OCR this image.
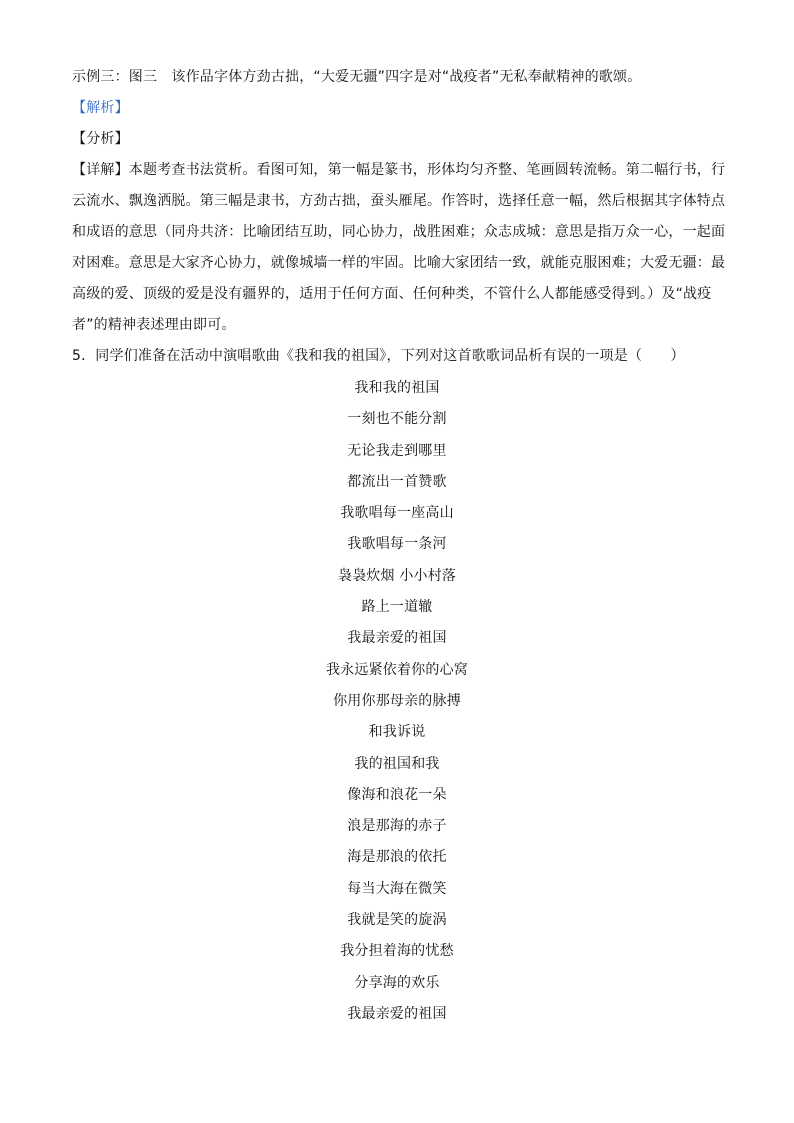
示例三：图三　该作品字体方劲古拙，“大爱无疆”四字是对“战疫者”无私奉献精神的歌颂。
【解析】
【分析】
【详解】本题考查书法赏析。看图可知，第一幅是篆书，形体均匀齐整、笔画圆转流畅。第二幅行书，行
云流水、飘逸洒脱。第三幅是隶书，方劲古拙，蚕头雁尾。作答时，选择任意一幅，然后根据其字体特点
和成语的意思（同舟共济：比喻团结互助，同心协力，战胜困难；众志成城：意思是指万众一心，一起面
对困难。意思是大家齐心协力，就像城墙一样的牢固。比喻大家团结一致，就能克服困难；大爱无疆：最
高级的爱、顶级的爱是没有疆界的，适用于任何方面、任何种类，不管什么人都能感受得到。）及“战疫
者”的精神表述理由即可。
5．同学们准备在活动中演唱歌曲《我和我的祖国》，下列对这首歌歌词品析有误的一项是（　　）
我和我的祖国
一刻也不能分割
无论我走到哪里
都流出一首赞歌
我歌唱每一座高山
我歌唱每一条河
袅袅炊烟 小小村落
路上一道辙
我最亲爱的祖国
我永远紧依着你的心窝
你用你那母亲的脉搏
和我诉说
我的祖国和我
像海和浪花一朵
浪是那海的赤子
海是那浪的依托
每当大海在微笑
我就是笑的旋涡
我分担着海的忧愁
分享海的欢乐
我最亲爱的祖国
